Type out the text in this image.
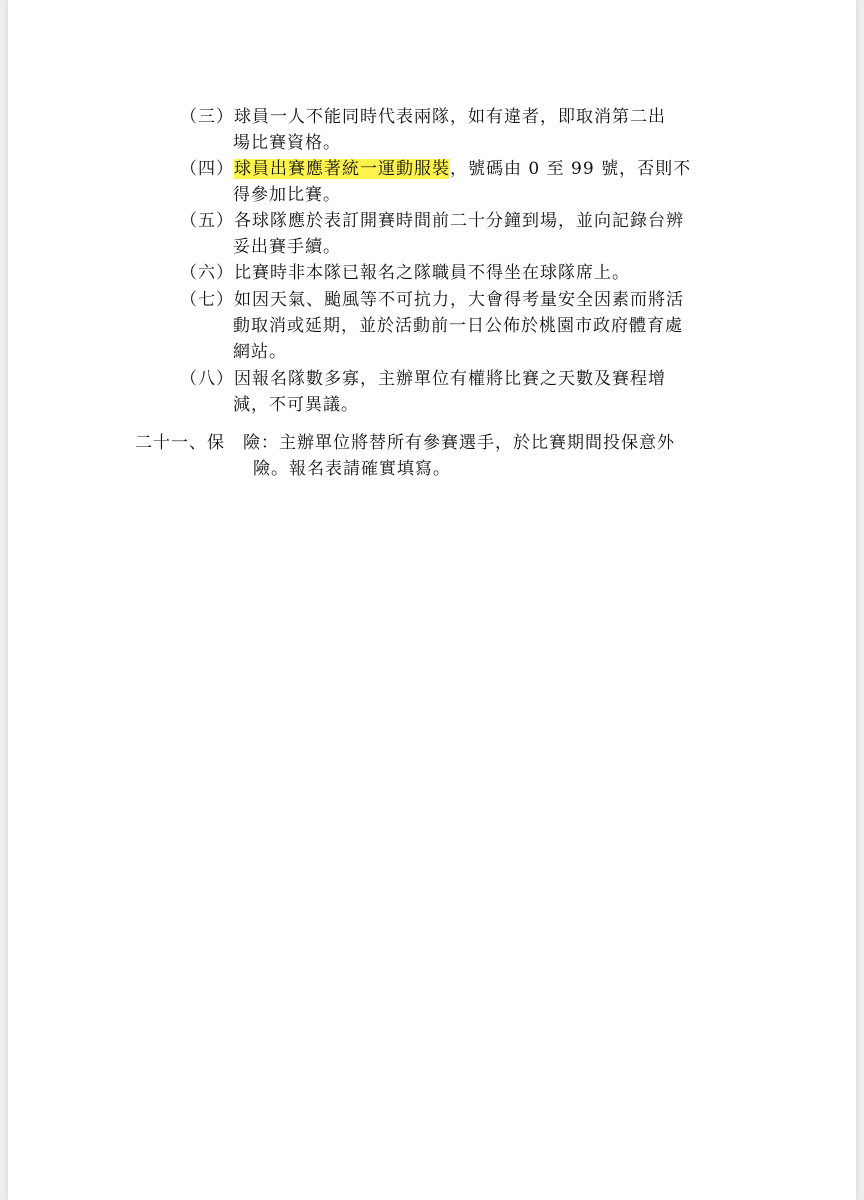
（三）球員一人不能同時代表兩隊，如有違者，即取消第二出
場比賽資格。
（四）球員出賽應著統一運動服裝，號碼由 0 至 99 號，否則不
得參加比賽。
（五）各球隊應於表訂開賽時間前二十分鐘到場，並向記錄台辨
妥出賽手續。
（六）比賽時非本隊已報名之隊職員不得坐在球隊席上。
（七）如因天氣、颱風等不可抗力，大會得考量安全因素而將活
動取消或延期，並於活動前一日公佈於桃園市政府體育處
網站。
（八）因報名隊數多寡，主辦單位有權將比賽之天數及賽程增
減，不可異議。
二十一、保　險：主辦單位將替所有參賽選手，於比賽期間投保意外
險。報名表請確實填寫。
